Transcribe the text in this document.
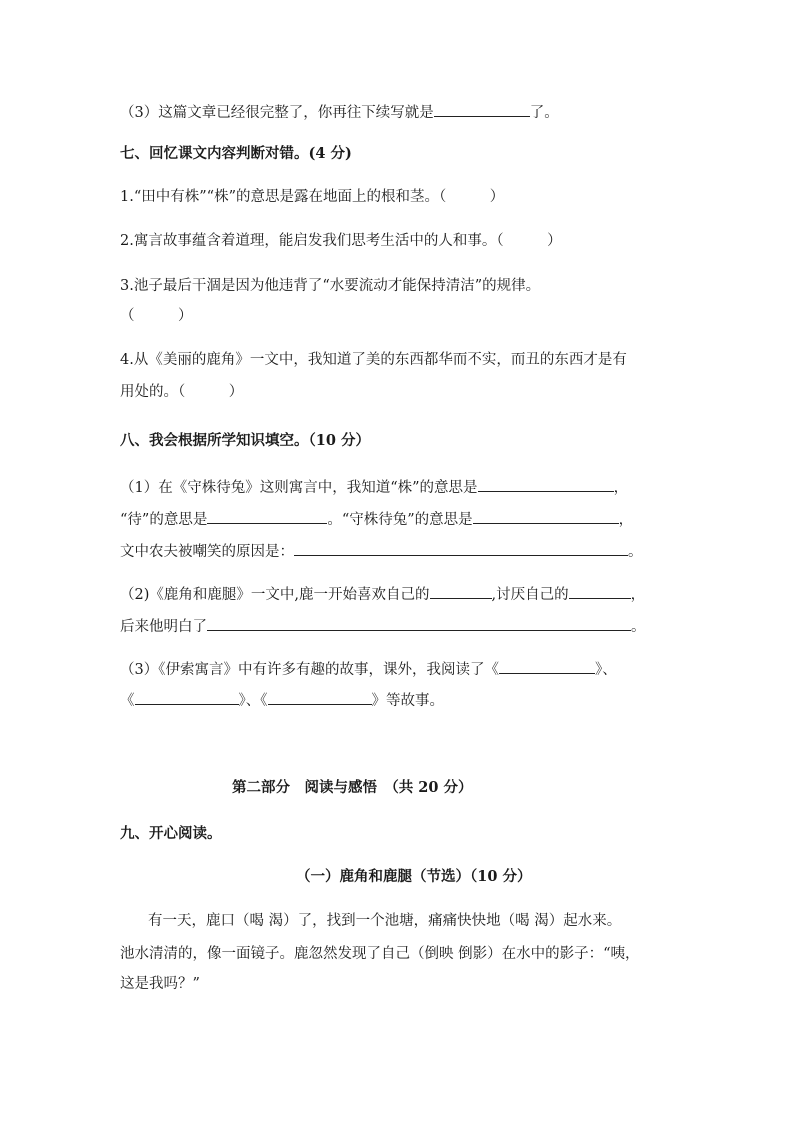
（3）这篇文章已经很完整了，你再往下续写就是	了。
七、回忆课文内容判断对错。(4 分)
1.“田中有株”“株”的意思是露在地面上的根和茎。（　　　）
2.寓言故事蕴含着道理，能启发我们思考生活中的人和事。（　　　）
3.池子最后干涸是因为他违背了“水要流动才能保持清洁”的规律。
（　　　）
4.从《美丽的鹿角》一文中，我知道了美的东西都华而不实，而丑的东西才是有
用处的。（　　　）
八、我会根据所学知识填空。（10 分）
（1）在《守株待兔》这则寓言中，我知道“株”的意思是	，
“待”的意思是	。“守株待兔”的意思是	，
文中农夫被嘲笑的原因是：	。
（2)《鹿角和鹿腿》一文中,鹿一开始喜欢自己的	,讨厌自己的	，
后来他明白了	。
（3）《伊索寓言》中有许多有趣的故事，课外，我阅读了《	》、
《	》、《	》等故事。
第二部分　阅读与感悟　（共 20 分）
九、开心阅读。
（一）鹿角和鹿腿（节选）（10 分）
有一天，鹿口（喝 渴）了，找到一个池塘，痛痛快快地（喝 渴）起水来。
池水清清的，像一面镜子。鹿忽然发现了自己（倒映 倒影）在水中的影子：“咦，
这是我吗？”
